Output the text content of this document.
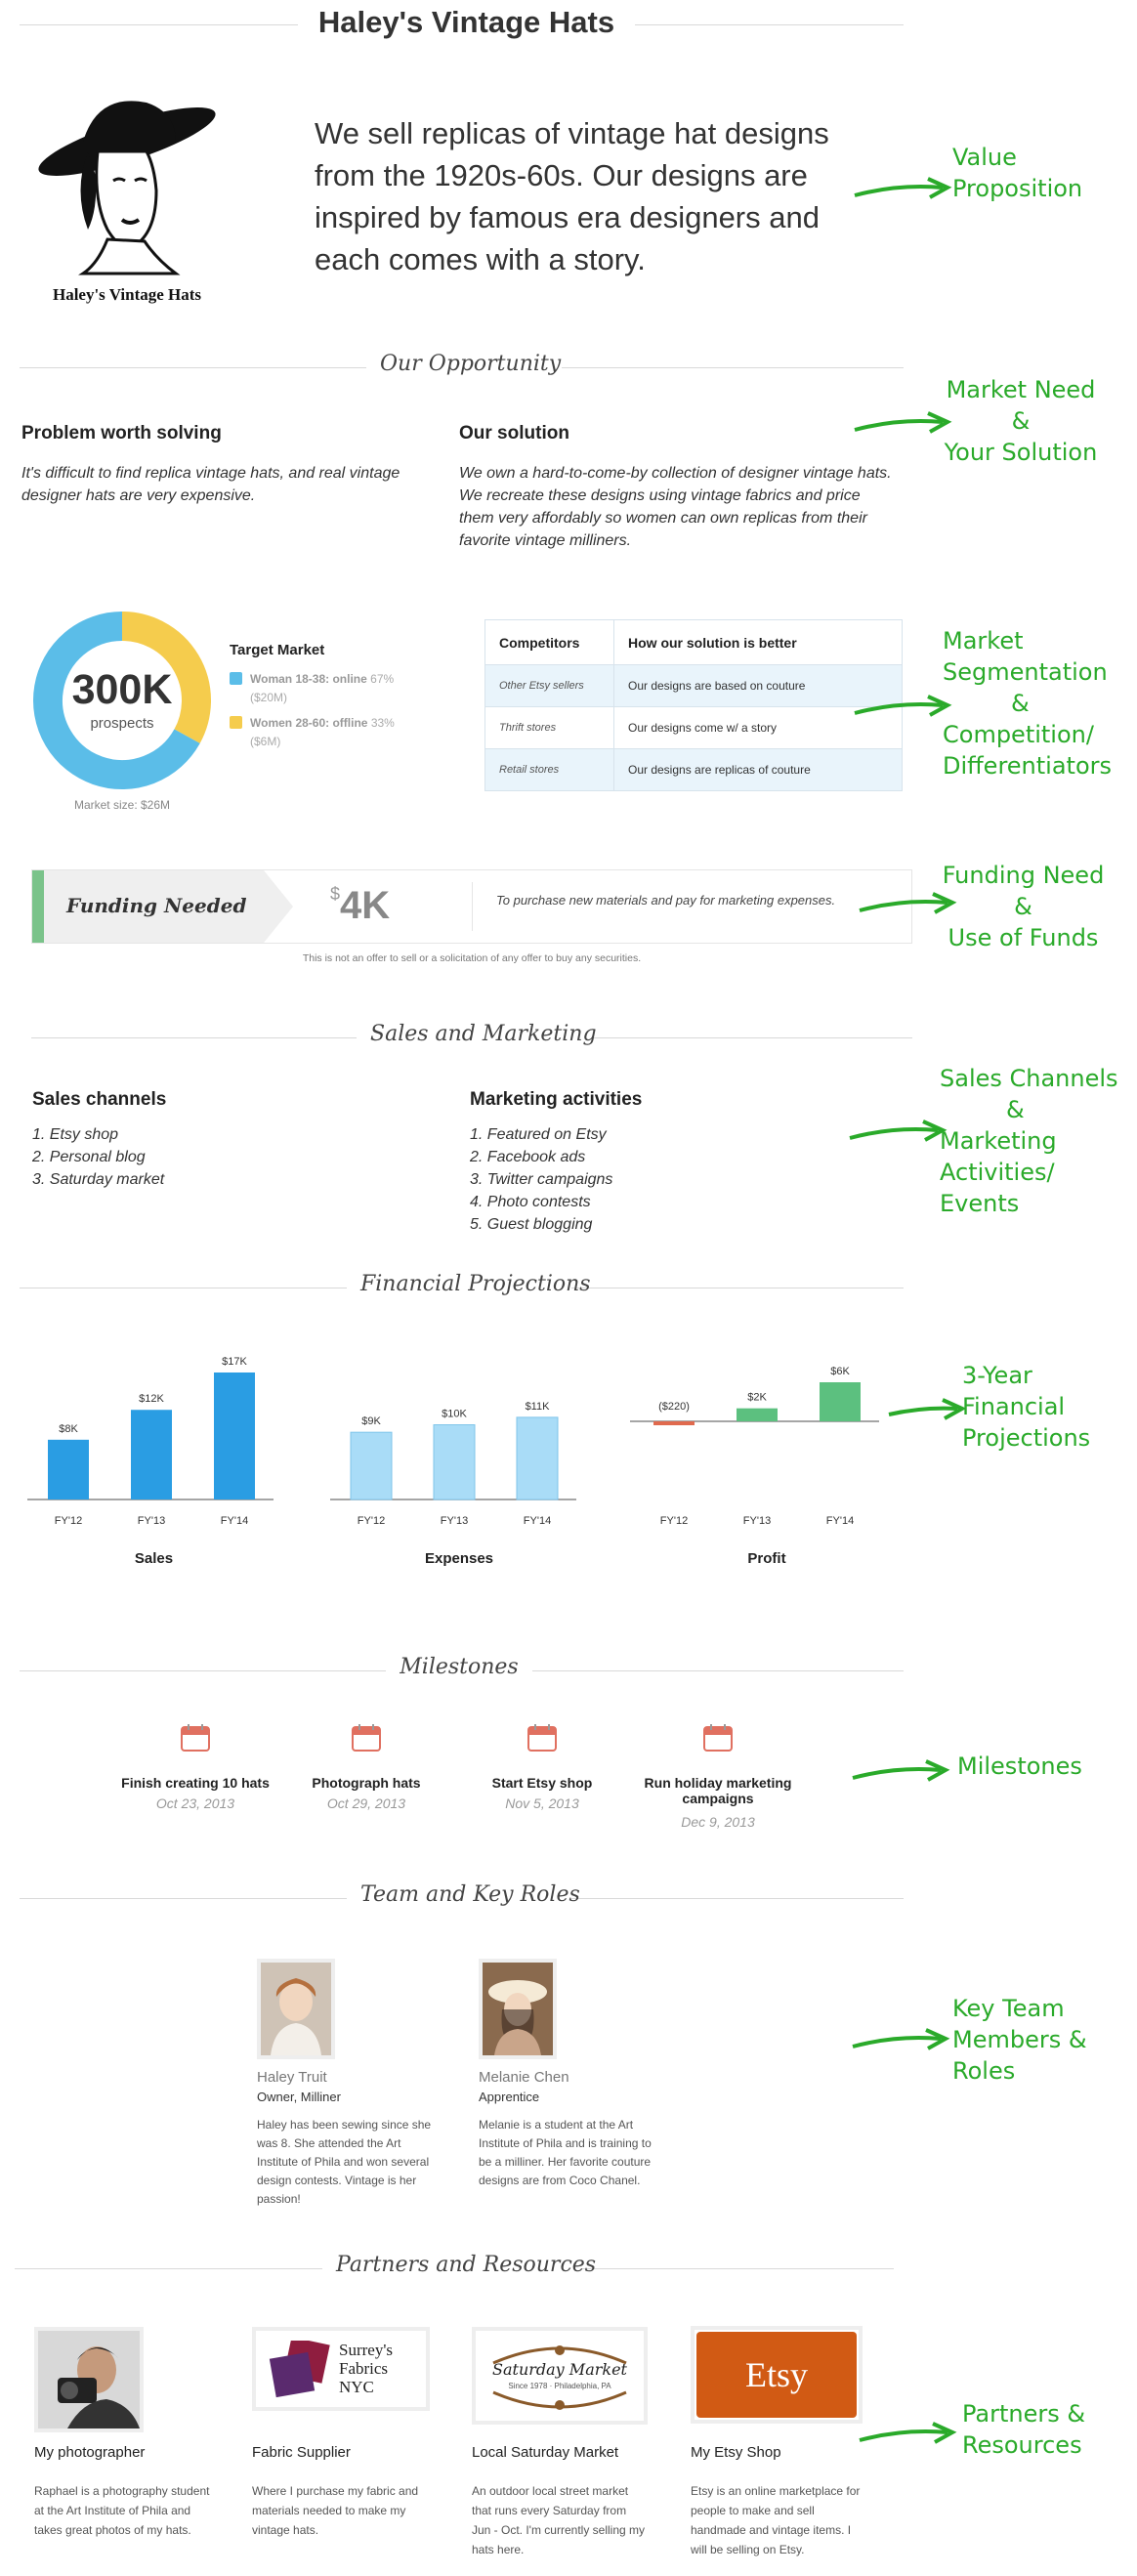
Haley's Vintage Hats
Haley's Vintage Hats
We sell replicas of vintage hat designs from the 1920s-60s. Our designs are inspired by famous era designers and each comes with a story.
Value
Proposition
Our Opportunity
Problem worth solving
It's difficult to find replica vintage hats, and real vintage designer hats are very expensive.
Our solution
We own a hard-to-come-by collection of designer vintage hats. We recreate these designs using vintage fabrics and price them very affordably so women can own replicas from their favorite vintage milliners.
Market Need
&
Your Solution
300K
prospects
Market size: $26M
Target Market
Woman 18-38: online 67%
($20M)
Women 28-60: offline 33%
($6M)
Competitors	How our solution is better
Other Etsy sellers	Our designs are based on couture
Thrift stores	Our designs come w/ a story
Retail stores	Our designs are replicas of couture
Market
Segmentation
&
Competition/
Differentiators
Funding Needed	$4K	To purchase new materials and pay for marketing expenses.
This is not an offer to sell or a solicitation of any offer to buy any securities.
Funding Need
&
Use of Funds
Sales and Marketing
Sales channels
1. Etsy shop
2. Personal blog
3. Saturday market
Marketing activities
1. Featured on Etsy
2. Facebook ads
3. Twitter campaigns
4. Photo contests
5. Guest blogging
Sales Channels
&
Marketing
Activities/
Events
Financial Projections
$8K
FY'12
$12K
FY'13
$17K
FY'14
$9K
FY'12
$10K
FY'13
$11K
FY'14
($220)
FY'12
$2K
FY'13
$6K
FY'14
Sales	Expenses	Profit
3-Year
Financial
Projections
Milestones
Finish creating 10 hats
Oct 23, 2013
Photograph hats
Oct 29, 2013
Start Etsy shop
Nov 5, 2013
Run holiday marketing campaigns
Dec 9, 2013
Milestones
Team and Key Roles
Haley Truit
Owner, Milliner
Haley has been sewing since she was 8. She attended the Art Institute of Phila and won several design contests. Vintage is her passion!
Melanie Chen
Apprentice
Melanie is a student at the Art Institute of Phila and is training to be a milliner. Her favorite couture designs are from Coco Chanel.
Key Team
Members &
Roles
Partners and Resources
Surrey's Fabrics NYC
Saturday Market
Since 1978 · Philadelphia, PA	Etsy
My photographer	Fabric Supplier	Local Saturday Market	My Etsy Shop
Raphael is a photography student at the Art Institute of Phila and takes great photos of my hats.
Where I purchase my fabric and materials needed to make my vintage hats.
An outdoor local street market that runs every Saturday from Jun - Oct. I'm currently selling my hats here.
Etsy is an online marketplace for people to make and sell handmade and vintage items. I will be selling on Etsy.
Partners &
Resources
